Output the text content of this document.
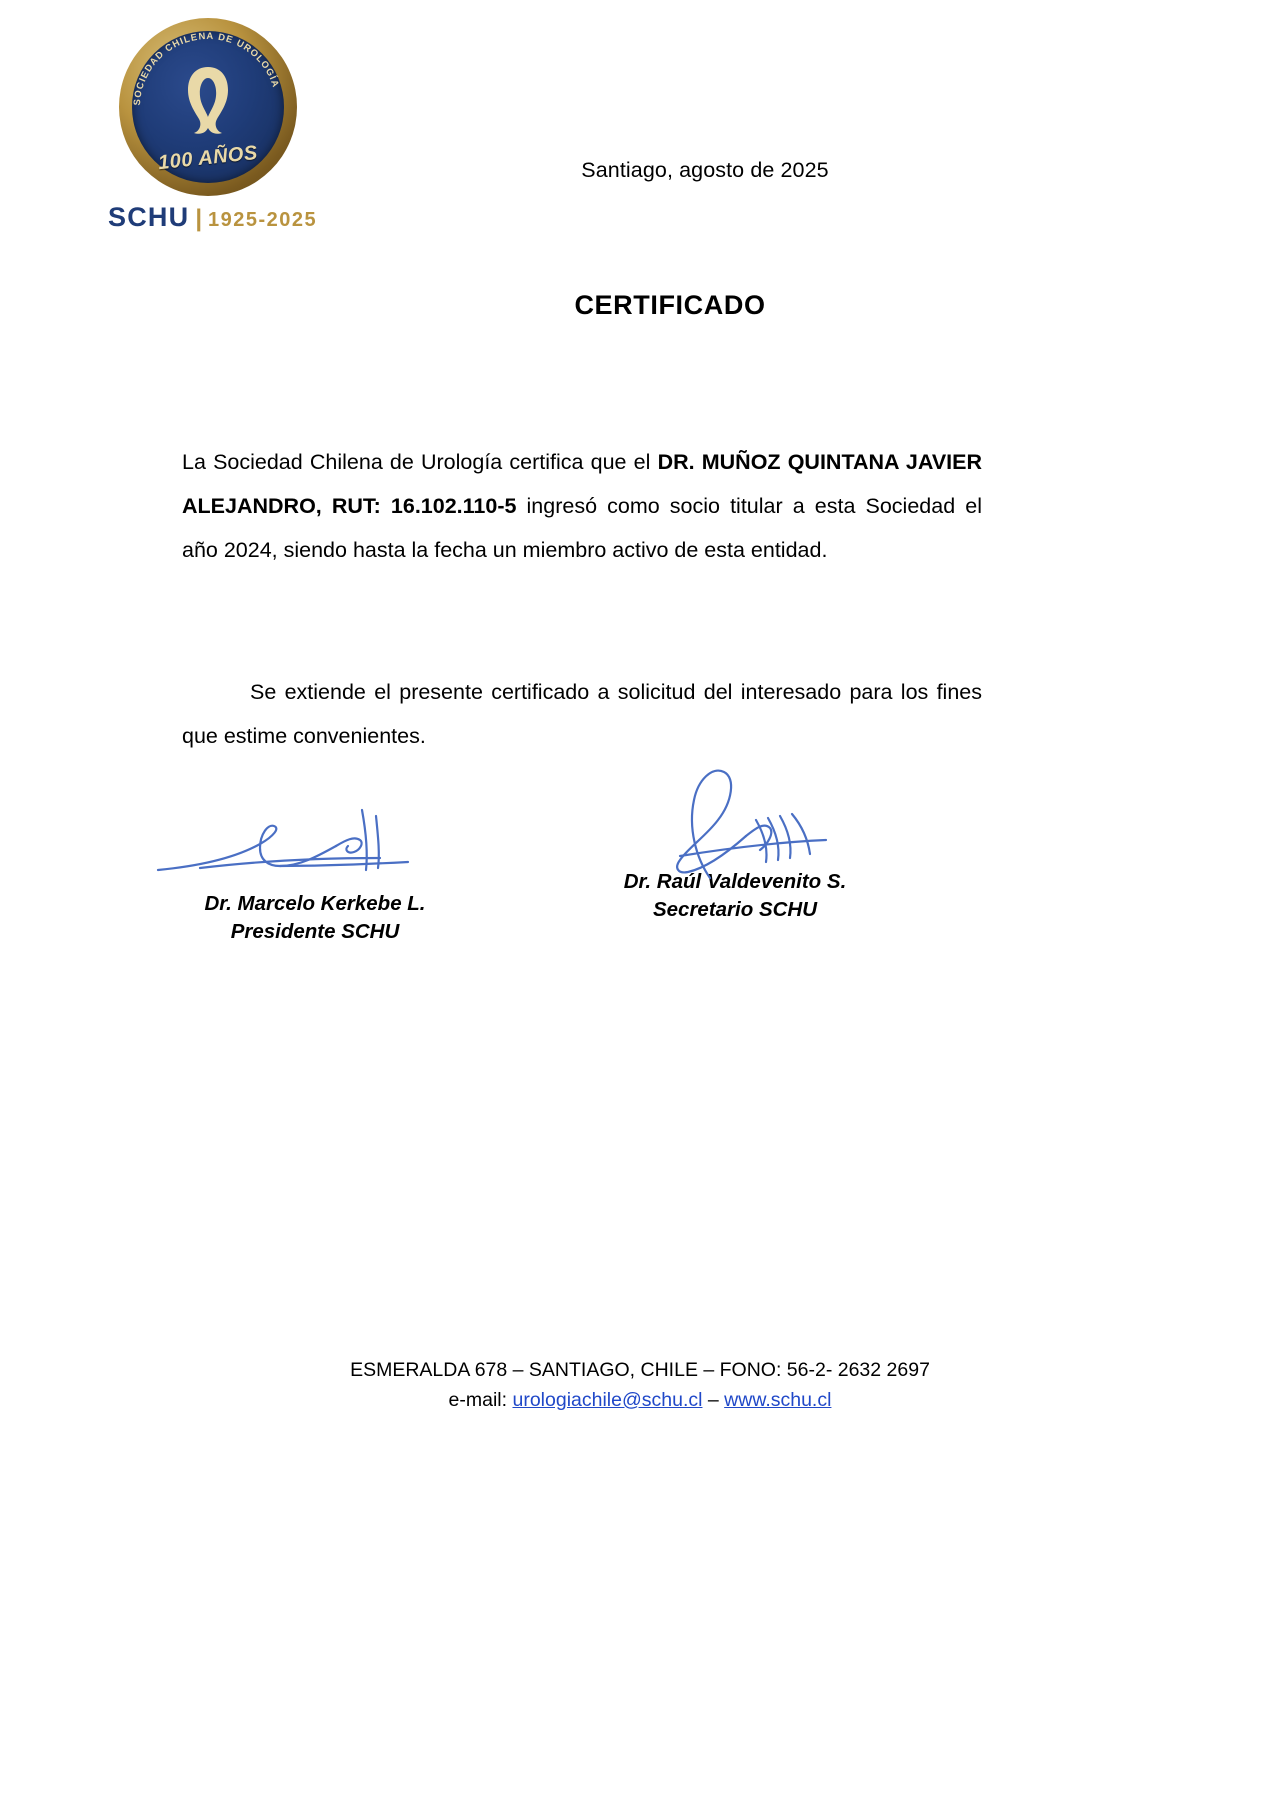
SOCIEDAD CHILENA DE UROLOGÍA
100 AÑOS
SCHU | 1925-2025
Santiago, agosto de 2025
CERTIFICADO
La Sociedad Chilena de Urología certifica que el DR. MUÑOZ QUINTANA JAVIER ALEJANDRO, RUT: 16.102.110-5 ingresó como socio titular a esta Sociedad el año 2024, siendo hasta la fecha un miembro activo de esta entidad.
Se extiende el presente certificado a solicitud del interesado para los fines que estime convenientes.
Dr. Marcelo Kerkebe L.
Presidente SCHU
Dr. Raúl Valdevenito S.
Secretario SCHU
ESMERALDA 678 – SANTIAGO, CHILE – FONO: 56-2- 2632 2697
e-mail: urologiachile@schu.cl – www.schu.cl
